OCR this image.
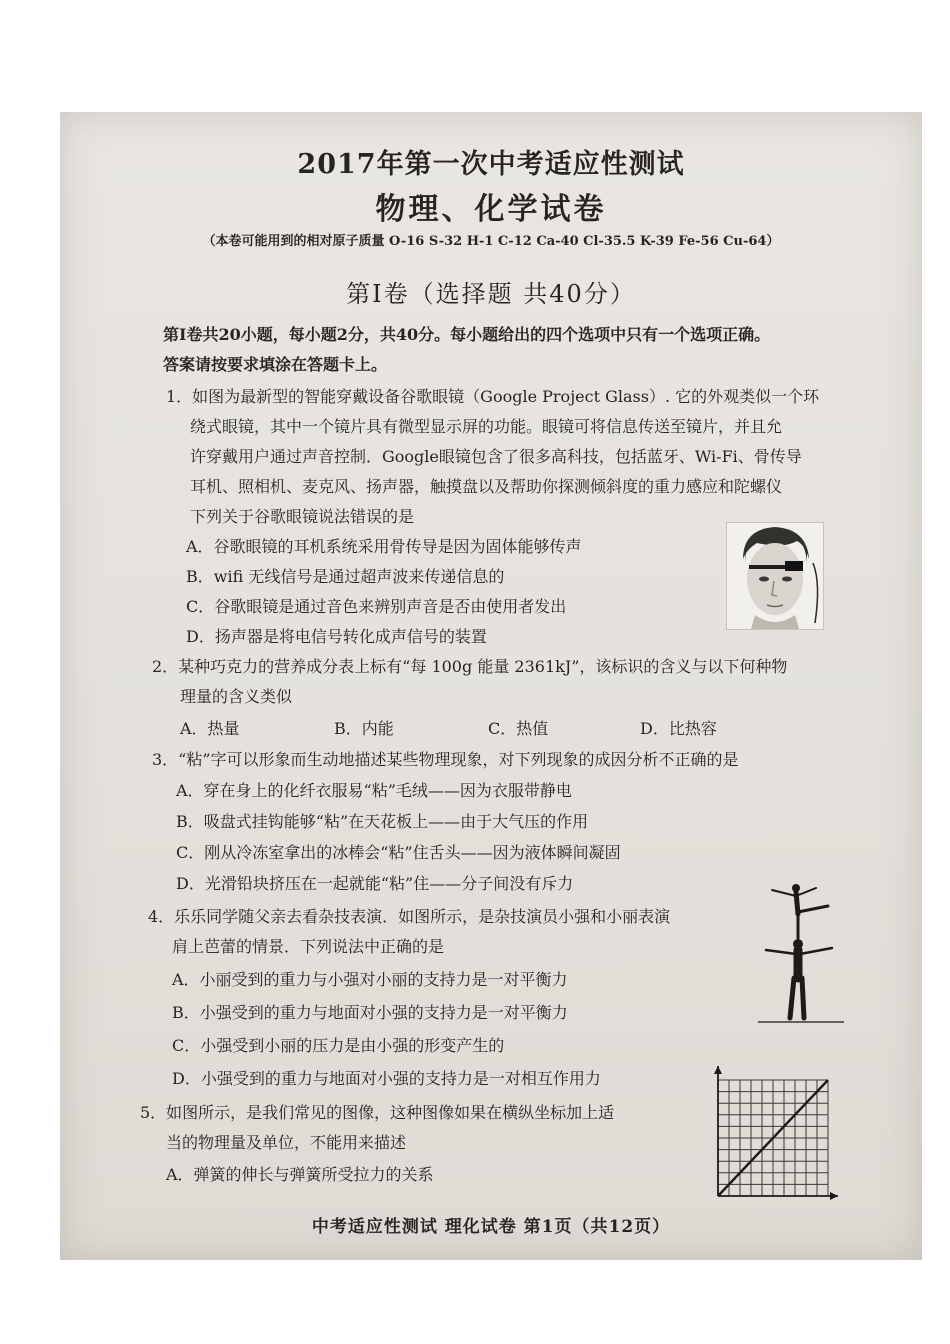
2017年第一次中考适应性测试
物理、化学试卷
（本卷可能用到的相对原子质量 O-16 S-32 H-1 C-12 Ca-40 Cl-35.5 K-39 Fe-56 Cu-64）
第Ⅰ卷（选择题 共40分）
第Ⅰ卷共20小题，每小题2分，共40分。每小题给出的四个选项中只有一个选项正确。
答案请按要求填涂在答题卡上。
1．如图为最新型的智能穿戴设备谷歌眼镜（Google Project Glass）. 它的外观类似一个环
绕式眼镜，其中一个镜片具有微型显示屏的功能。眼镜可将信息传送至镜片，并且允
许穿戴用户通过声音控制．Google眼镜包含了很多高科技，包括蓝牙、Wi-Fi、骨传导
耳机、照相机、麦克风、扬声器，触摸盘以及帮助你探测倾斜度的重力感应和陀螺仪
下列关于谷歌眼镜说法错误的是
A．谷歌眼镜的耳机系统采用骨传导是因为固体能够传声
B．wifi 无线信号是通过超声波来传递信息的
C．谷歌眼镜是通过音色来辨别声音是否由使用者发出
D．扬声器是将电信号转化成声信号的装置
2．某种巧克力的营养成分表上标有“每 100g 能量 2361kJ”，该标识的含义与以下何种物
理量的含义类似
A．热量	B．内能	C．热值	D．比热容
3．“粘”字可以形象而生动地描述某些物理现象，对下列现象的成因分析不正确的是
A．穿在身上的化纤衣服易“粘”毛绒——因为衣服带静电
B．吸盘式挂钩能够“粘”在天花板上——由于大气压的作用
C．刚从冷冻室拿出的冰棒会“粘”住舌头——因为液体瞬间凝固
D．光滑铅块挤压在一起就能“粘”住——分子间没有斥力
4．乐乐同学随父亲去看杂技表演．如图所示，是杂技演员小强和小丽表演
肩上芭蕾的情景．下列说法中正确的是
A．小丽受到的重力与小强对小丽的支持力是一对平衡力
B．小强受到的重力与地面对小强的支持力是一对平衡力
C．小强受到小丽的压力是由小强的形变产生的
D．小强受到的重力与地面对小强的支持力是一对相互作用力
5．如图所示，是我们常见的图像，这种图像如果在横纵坐标加上适
当的物理量及单位，不能用来描述
A．弹簧的伸长与弹簧所受拉力的关系
中考适应性测试 理化试卷 第1页（共12页）
